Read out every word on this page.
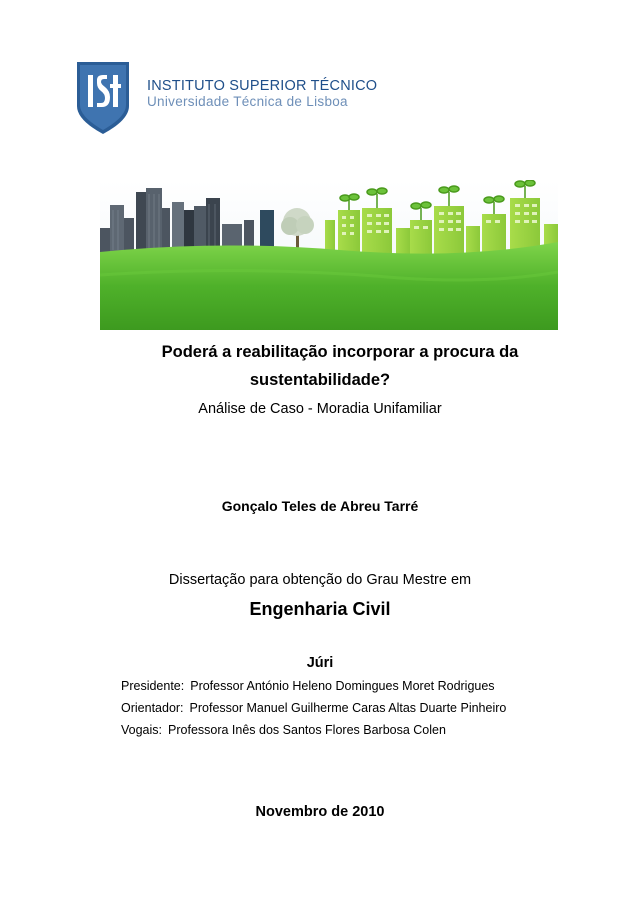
INSTITUTO SUPERIOR TÉCNICO
Universidade Técnica de Lisboa
Poderá a reabilitação incorporar a procura da
sustentabilidade?
Análise de Caso - Moradia Unifamiliar
Gonçalo Teles de Abreu Tarré
Dissertação para obtenção do Grau Mestre em
Engenharia Civil
Júri
Presidente: Professor António Heleno Domingues Moret Rodrigues
Orientador: Professor Manuel Guilherme Caras Altas Duarte Pinheiro
Vogais: Professora Inês dos Santos Flores Barbosa Colen
Novembro de 2010
